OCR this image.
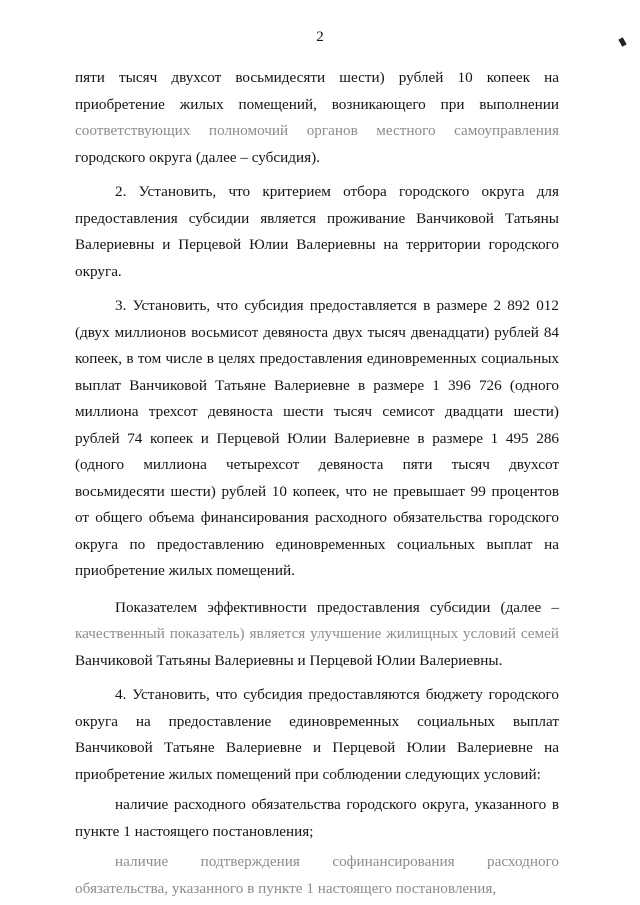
2

пяти тысяч двухсот восьмидесяти шести) рублей 10 копеек на приобретение жилых помещений, возникающего при выполнении соответствующих полномочий органов местного самоуправления городского округа (далее – субсидия).

2. Установить, что критерием отбора городского округа для предоставления субсидии является проживание Ванчиковой Татьяны Валериевны и Перцевой Юлии Валериевны на территории городского округа.

3. Установить, что субсидия предоставляется в размере 2 892 012 (двух миллионов восьмисот девяноста двух тысяч двенадцати) рублей 84 копеек, в том числе в целях предоставления единовременных социальных выплат Ванчиковой Татьяне Валериевне в размере 1 396 726 (одного миллиона трехсот девяноста шести тысяч семисот двадцати шести) рублей 74 копеек и Перцевой Юлии Валериевне в размере 1 495 286 (одного миллиона четырехсот девяноста пяти тысяч двухсот восьмидесяти шести) рублей 10 копеек, что не превышает 99 процентов от общего объема финансирования расходного обязательства городского округа по предоставлению единовременных социальных выплат на приобретение жилых помещений.

Показателем эффективности предоставления субсидии (далее – качественный показатель) является улучшение жилищных условий семей Ванчиковой Татьяны Валериевны и Перцевой Юлии Валериевны.

4. Установить, что субсидия предоставляются бюджету городского округа на предоставление единовременных социальных выплат Ванчиковой Татьяне Валериевне и Перцевой Юлии Валериевне на приобретение жилых помещений при соблюдении следующих условий:

наличие расходного обязательства городского округа, указанного в пункте 1 настоящего постановления;

наличие подтверждения софинансирования расходного обязательства, указанного в пункте 1 настоящего постановления,
